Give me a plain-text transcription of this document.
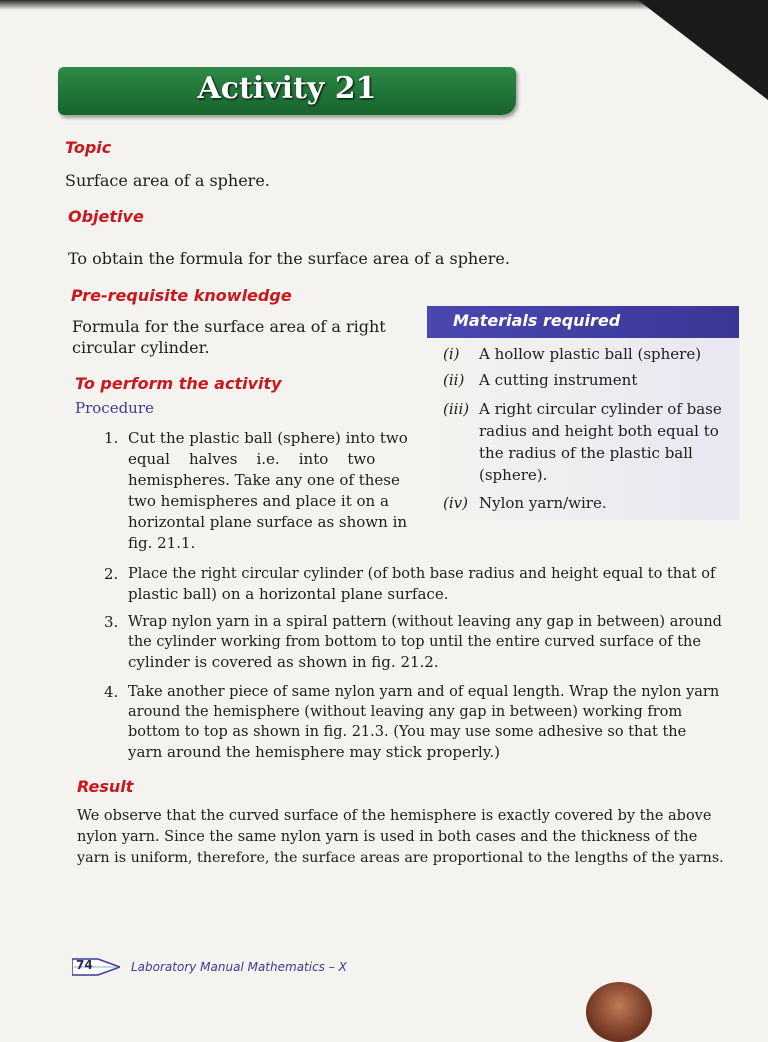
Activity 21
Topic
Surface area of a sphere.
Objetive
To obtain the formula for the surface area of a sphere.
Pre-requisite knowledge
Formula for the surface area of a right
circular cylinder.
To perform the activity
Procedure
Materials required
(i) A hollow plastic ball (sphere)
(ii) A cutting instrument
(iii) A right circular cylinder of base
radius and height both equal to
the radius of the plastic ball
(sphere).
(iv) Nylon yarn/wire.
1. Cut the plastic ball (sphere) into two
equal    halves    i.e.    into    two
hemispheres. Take any one of these
two hemispheres and place it on a
horizontal plane surface as shown in
fig. 21.1.
2. Place the right circular cylinder (of both base radius and height equal to that of
plastic ball) on a horizontal plane surface.
3. Wrap nylon yarn in a spiral pattern (without leaving any gap in between) around
the cylinder working from bottom to top until the entire curved surface of the
cylinder is covered as shown in fig. 21.2.
4. Take another piece of same nylon yarn and of equal length. Wrap the nylon yarn
around the hemisphere (without leaving any gap in between) working from
bottom to top as shown in fig. 21.3. (You may use some adhesive so that the
yarn around the hemisphere may stick properly.)
Result
We observe that the curved surface of the hemisphere is exactly covered by the above
nylon yarn. Since the same nylon yarn is used in both cases and the thickness of the
yarn is uniform, therefore, the surface areas are proportional to the lengths of the yarns.
74	Laboratory Manual Mathematics – X
